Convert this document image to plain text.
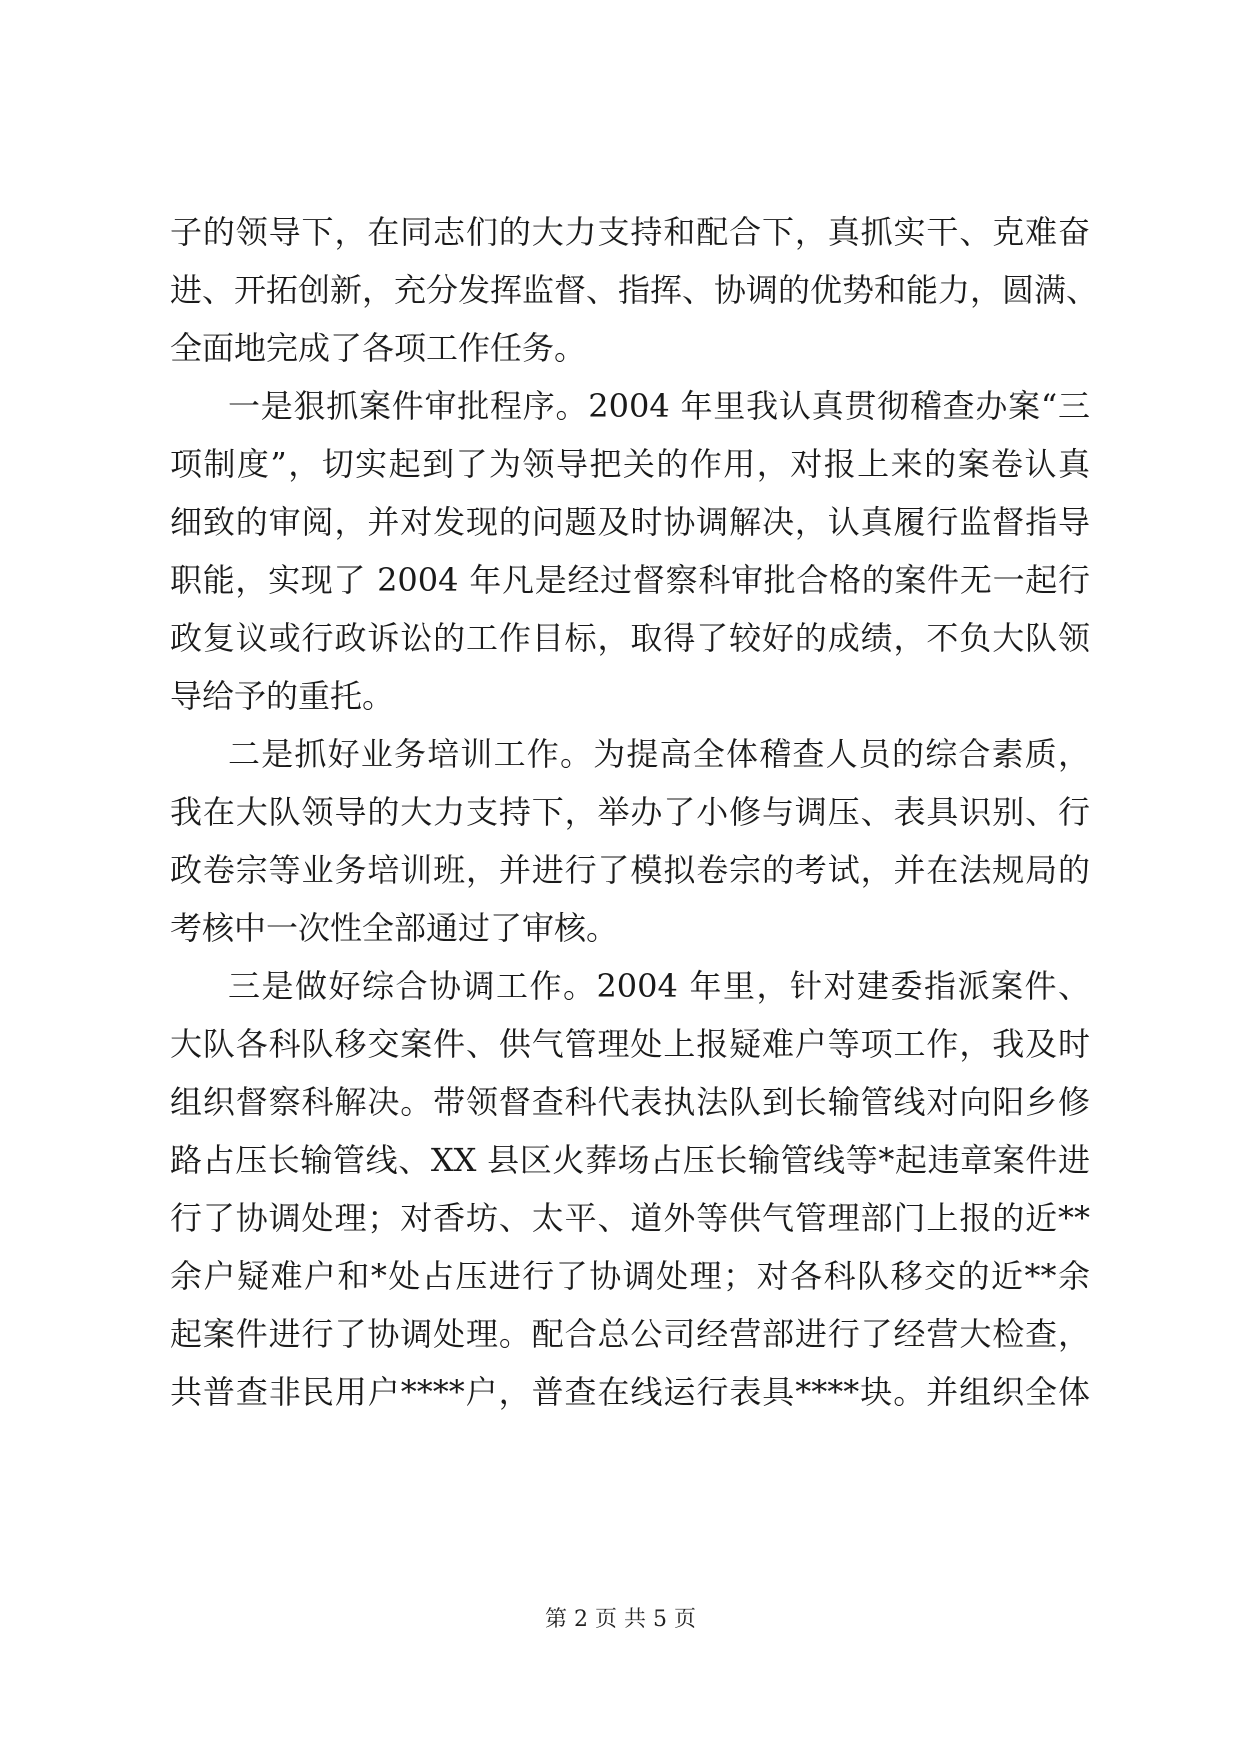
子的领导下，在同志们的大力支持和配合下，真抓实干、克难奋
进、开拓创新，充分发挥监督、指挥、协调的优势和能力，圆满、
全面地完成了各项工作任务。
一是狠抓案件审批程序。2004 年里我认真贯彻稽查办案“三
项制度”，切实起到了为领导把关的作用，对报上来的案卷认真
细致的审阅，并对发现的问题及时协调解决，认真履行监督指导
职能，实现了 2004 年凡是经过督察科审批合格的案件无一起行
政复议或行政诉讼的工作目标，取得了较好的成绩，不负大队领
导给予的重托。
二是抓好业务培训工作。为提高全体稽查人员的综合素质，
我在大队领导的大力支持下，举办了小修与调压、表具识别、行
政卷宗等业务培训班，并进行了模拟卷宗的考试，并在法规局的
考核中一次性全部通过了审核。
三是做好综合协调工作。2004 年里，针对建委指派案件、
大队各科队移交案件、供气管理处上报疑难户等项工作，我及时
组织督察科解决。带领督查科代表执法队到长输管线对向阳乡修
路占压长输管线、XX 县区火葬场占压长输管线等*起违章案件进
行了协调处理；对香坊、太平、道外等供气管理部门上报的近**
余户疑难户和*处占压进行了协调处理；对各科队移交的近**余
起案件进行了协调处理。配合总公司经营部进行了经营大检查，
共普查非民用户****户，普查在线运行表具****块。并组织全体
第 2 页 共 5 页
